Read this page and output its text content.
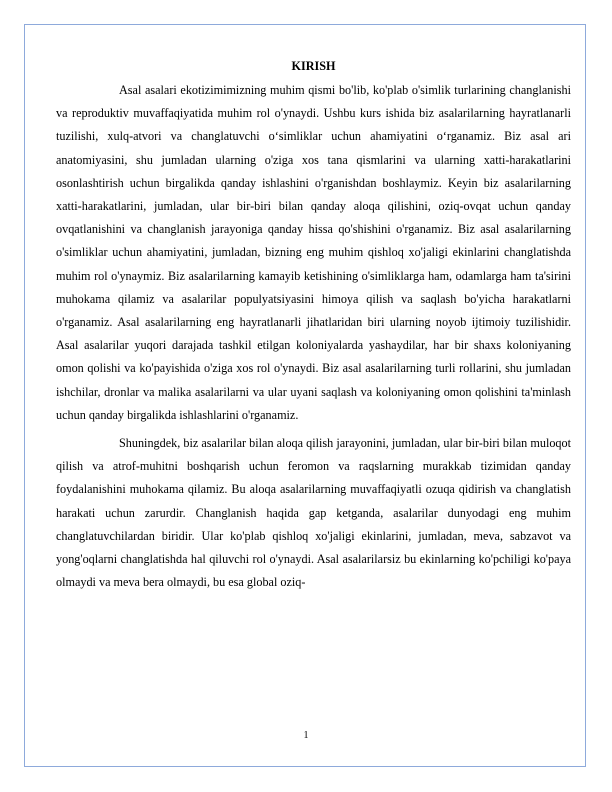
KIRISH

Asal asalari ekotizimimizning muhim qismi bo'lib, ko'plab o'simlik turlarining changlanishi va reproduktiv muvaffaqiyatida muhim rol o'ynaydi. Ushbu kurs ishida biz asalarilarning hayratlanarli tuzilishi, xulq-atvori va changlatuvchi o‘simliklar uchun ahamiyatini o‘rganamiz. Biz asal ari anatomiyasini, shu jumladan ularning o'ziga xos tana qismlarini va ularning xatti-harakatlarini osonlashtirish uchun birgalikda qanday ishlashini o'rganishdan boshlaymiz. Keyin biz asalarilarning xatti-harakatlarini, jumladan, ular bir-biri bilan qanday aloqa qilishini, oziq-ovqat uchun qanday ovqatlanishini va changlanish jarayoniga qanday hissa qo'shishini o'rganamiz. Biz asal asalarilarning o'simliklar uchun ahamiyatini, jumladan, bizning eng muhim qishloq xo'jaligi ekinlarini changlatishda muhim rol o'ynaymiz. Biz asalarilarning kamayib ketishining o'simliklarga ham, odamlarga ham ta'sirini muhokama qilamiz va asalarilar populyatsiyasini himoya qilish va saqlash bo'yicha harakatlarni o'rganamiz. Asal asalarilarning eng hayratlanarli jihatlaridan biri ularning noyob ijtimoiy tuzilishidir. Asal asalarilar yuqori darajada tashkil etilgan koloniyalarda yashaydilar, har bir shaxs koloniyaning omon qolishi va ko'payishida o'ziga xos rol o'ynaydi. Biz asal asalarilarning turli rollarini, shu jumladan ishchilar, dronlar va malika asalarilarni va ular uyani saqlash va koloniyaning omon qolishini ta'minlash uchun qanday birgalikda ishlashlarini o'rganamiz.

Shuningdek, biz asalarilar bilan aloqa qilish jarayonini, jumladan, ular bir-biri bilan muloqot qilish va atrof-muhitni boshqarish uchun feromon va raqslarning murakkab tizimidan qanday foydalanishini muhokama qilamiz. Bu aloqa asalarilarning muvaffaqiyatli ozuqa qidirish va changlatish harakati uchun zarurdir. Changlanish haqida gap ketganda, asalarilar dunyodagi eng muhim changlatuvchilardan biridir. Ular ko'plab qishloq xo'jaligi ekinlarini, jumladan, meva, sabzavot va yong'oqlarni changlatishda hal qiluvchi rol o'ynaydi. Asal asalarilarsiz bu ekinlarning ko'pchiligi ko'paya olmaydi va meva bera olmaydi, bu esa global oziq-

1
